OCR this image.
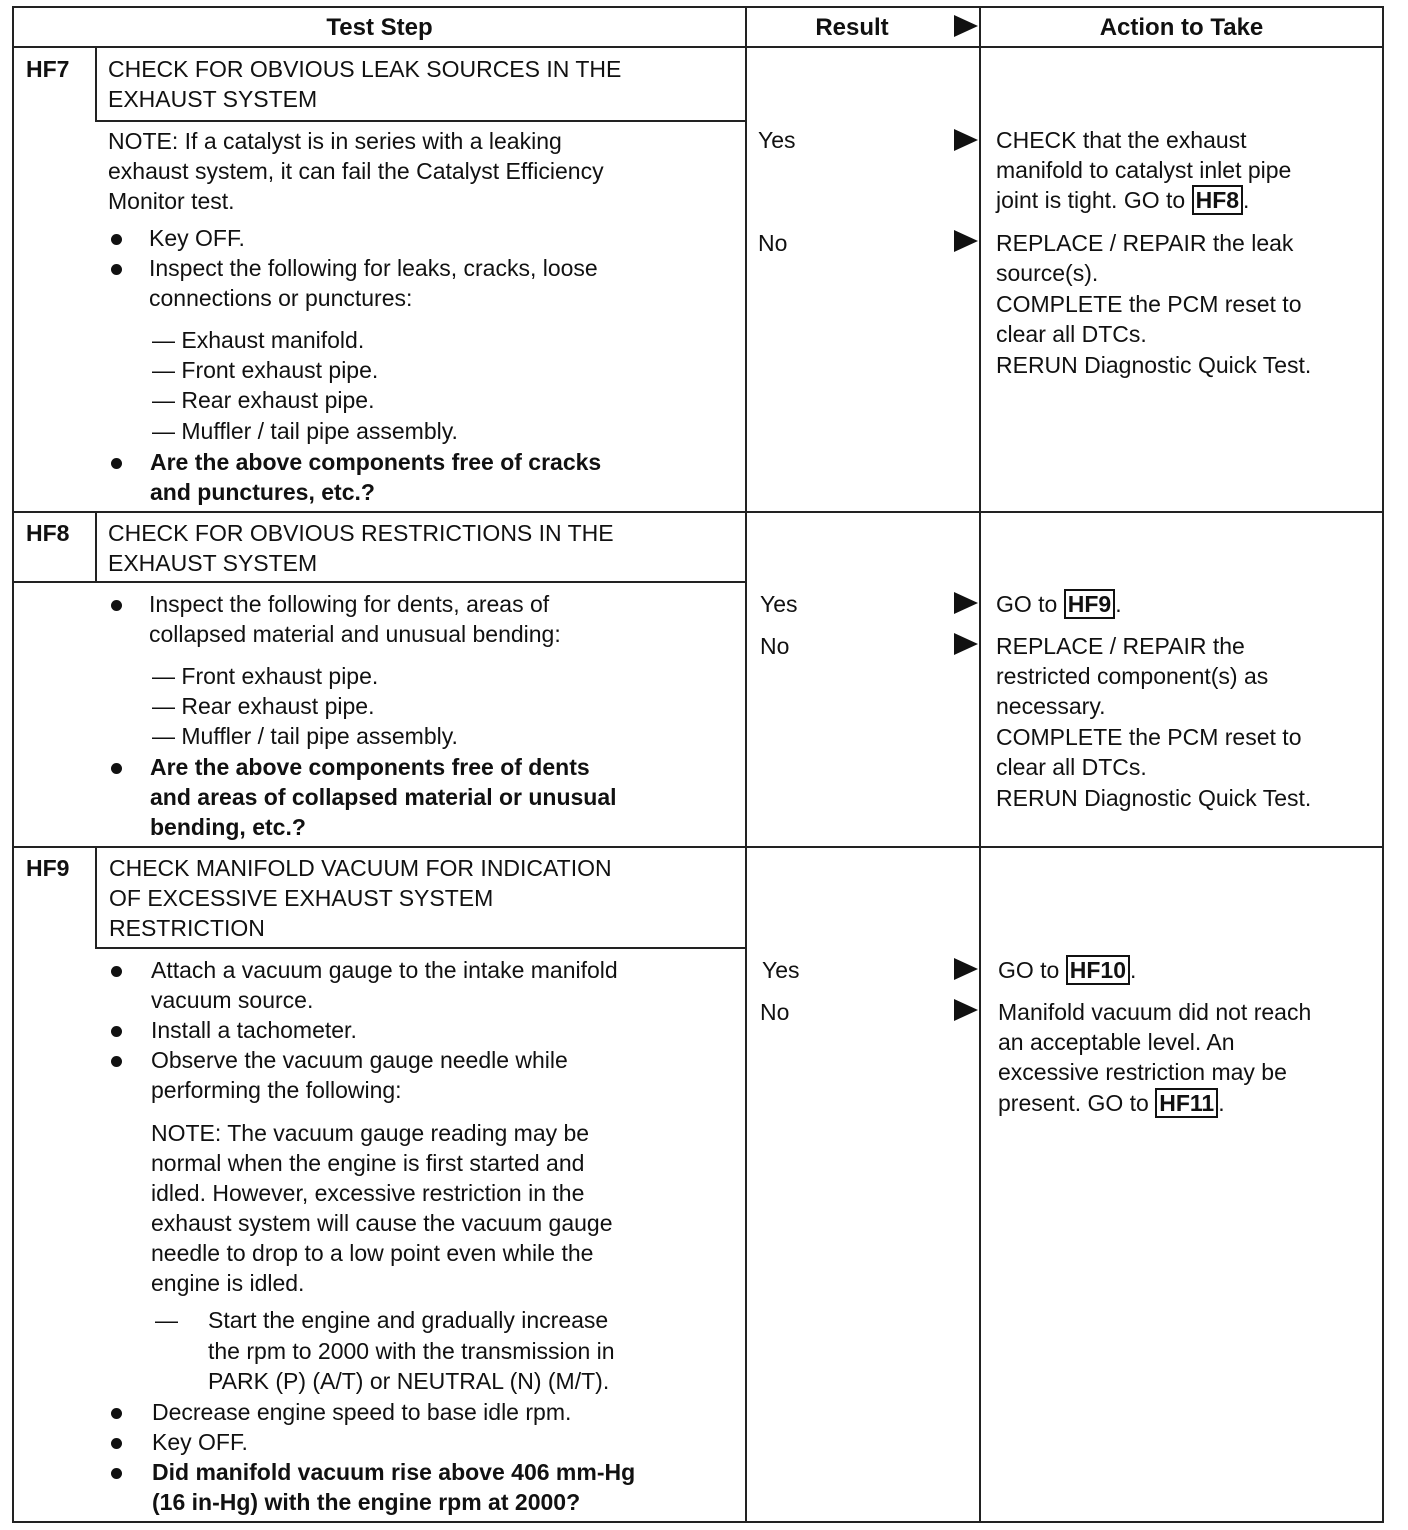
Test Step	Result	Action to Take
HF7 CHECK FOR OBVIOUS LEAK SOURCES IN THE
EXHAUST SYSTEM
NOTE: If a catalyst is in series with a leaking
exhaust system, it can fail the Catalyst Efficiency
Monitor test.
Key OFF.
Inspect the following for leaks, cracks, loose
connections or punctures:
— Exhaust manifold.
— Front exhaust pipe.
— Rear exhaust pipe.
— Muffler / tail pipe assembly.
Are the above components free of cracks
and punctures, etc.?
Yes
No
CHECK that the exhaust
manifold to catalyst inlet pipe
joint is tight. GO to HF8 .
REPLACE / REPAIR the leak
source(s).
COMPLETE the PCM reset to
clear all DTCs.
RERUN Diagnostic Quick Test.
HF8 CHECK FOR OBVIOUS RESTRICTIONS IN THE
EXHAUST SYSTEM
Inspect the following for dents, areas of
collapsed material and unusual bending:
— Front exhaust pipe.
— Rear exhaust pipe.
— Muffler / tail pipe assembly.
Are the above components free of dents
and areas of collapsed material or unusual
bending, etc.?
Yes
No
GO to HF9 .
REPLACE / REPAIR the
restricted component(s) as
necessary.
COMPLETE the PCM reset to
clear all DTCs.
RERUN Diagnostic Quick Test.
HF9 CHECK MANIFOLD VACUUM FOR INDICATION
OF EXCESSIVE EXHAUST SYSTEM
RESTRICTION
Attach a vacuum gauge to the intake manifold
vacuum source.
Install a tachometer.
Observe the vacuum gauge needle while
performing the following:
NOTE: The vacuum gauge reading may be
normal when the engine is first started and
idled. However, excessive restriction in the
exhaust system will cause the vacuum gauge
needle to drop to a low point even while the
engine is idled.
— Start the engine and gradually increase
the rpm to 2000 with the transmission in
PARK (P) (A/T) or NEUTRAL (N) (M/T).
Decrease engine speed to base idle rpm.
Key OFF.
Did manifold vacuum rise above 406 mm-Hg
(16 in-Hg) with the engine rpm at 2000?
Yes
No
GO to HF10 .
Manifold vacuum did not reach
an acceptable level. An
excessive restriction may be
present. GO to HF11 .
